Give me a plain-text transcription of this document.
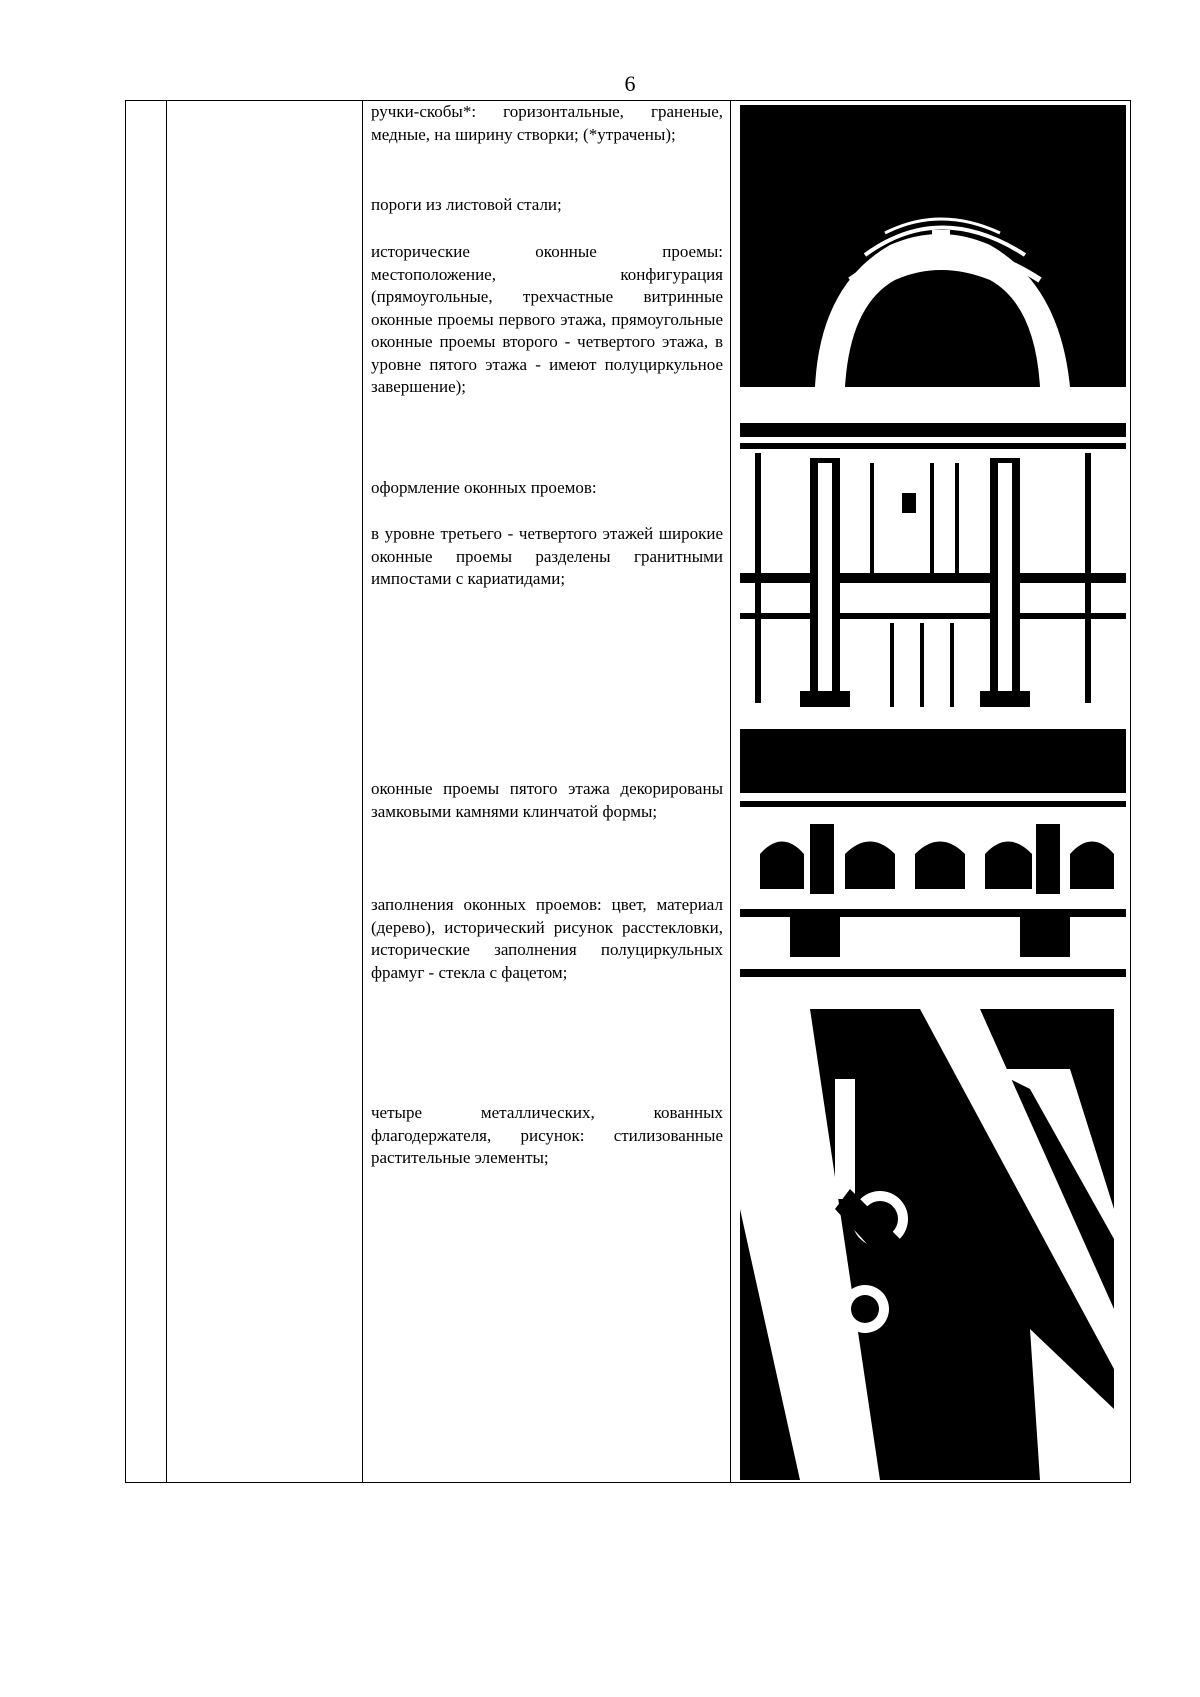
6
ручки-скобы*: горизонтальные, граненые, медные, на ширину створки; (*утрачены);
пороги из листовой стали;
исторические оконные проемы: местоположение, конфигурация (прямоугольные, трехчастные витринные оконные проемы первого этажа, прямоугольные оконные проемы второго - четвертого этажа, в уровне пятого этажа - имеют полуциркульное завершение);
оформление оконных проемов:
в уровне третьего - четвертого этажей широкие оконные проемы разделены гранитными импостами с кариатидами;
оконные проемы пятого этажа декорированы замковыми камнями клинчатой формы;
заполнения оконных проемов: цвет, материал (дерево), исторический рисунок расстекловки, исторические заполнения полуциркульных фрамуг - стекла с фацетом;
четыре металлических, кованных флагодержателя, рисунок: стилизованные растительные элементы;
